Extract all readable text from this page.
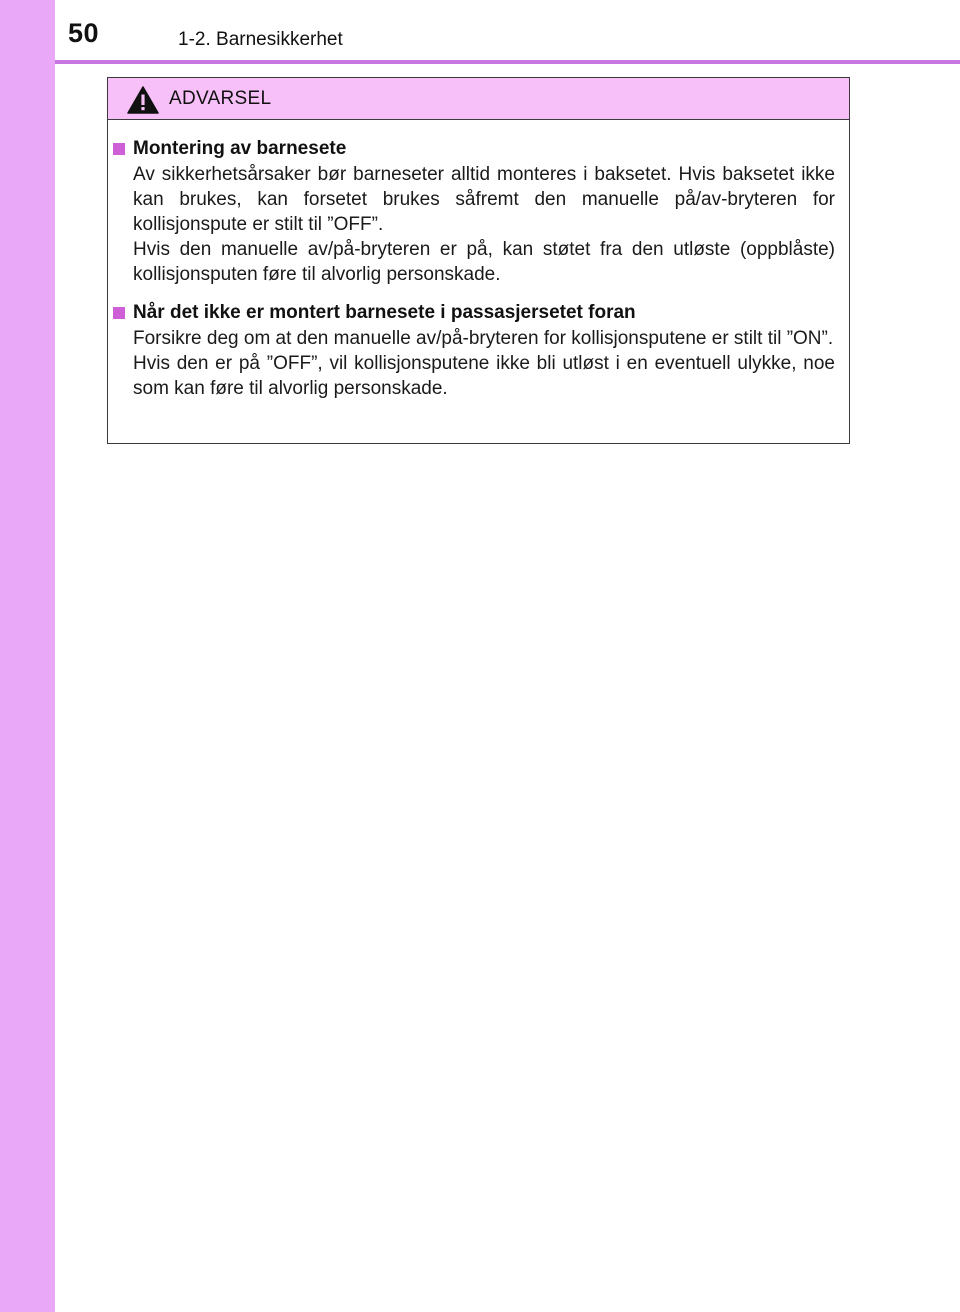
50	1-2. Barnesikkerhet
ADVARSEL
Montering av barnesete
Av sikkerhetsårsaker bør barneseter alltid monteres i baksetet. Hvis baksetet ikke kan brukes, kan forsetet brukes såfremt den manuelle på/av-bryteren for kollisjonspute er stilt til ”OFF”.
Hvis den manuelle av/på-bryteren er på, kan støtet fra den utløste (oppblåste) kollisjonsputen føre til alvorlig personskade.
Når det ikke er montert barnesete i passasjersetet foran
Forsikre deg om at den manuelle av/på-bryteren for kollisjonsputene er stilt til ”ON”.
Hvis den er på ”OFF”, vil kollisjonsputene ikke bli utløst i en eventuell ulykke, noe som kan føre til alvorlig personskade.
